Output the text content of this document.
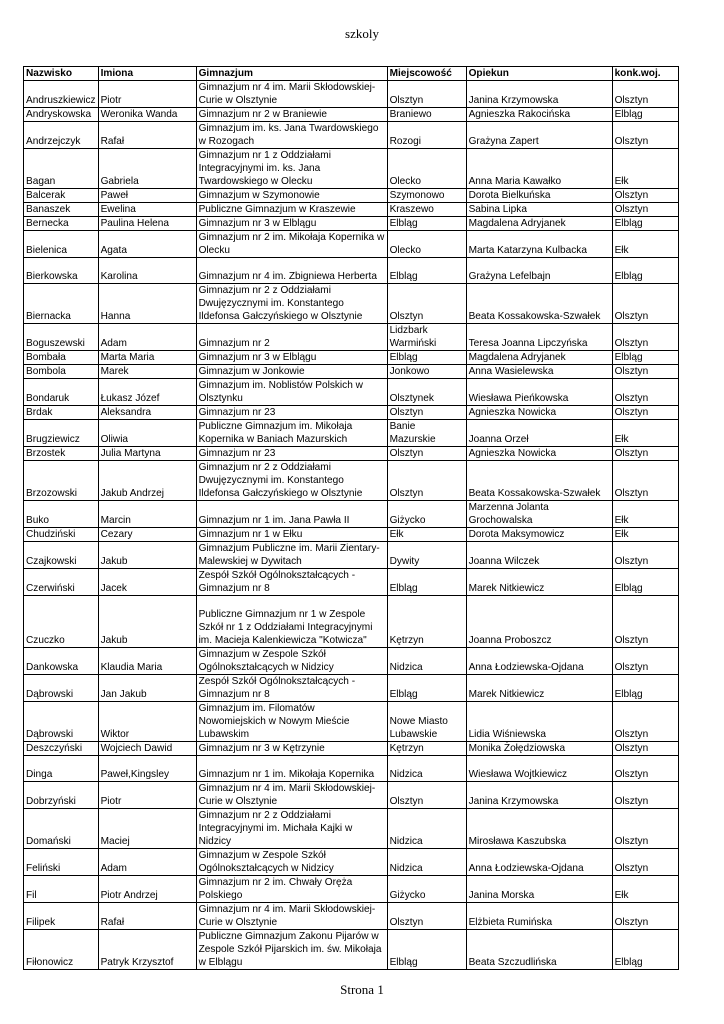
szkoly
Nazwisko	Imiona	Gimnazjum	Miejscowość	Opiekun	konk.woj.
Andruszkiewicz	Piotr	Gimnazjum nr 4 im. Marii Skłodowskiej-Curie w Olsztynie	Olsztyn	Janina Krzymowska	Olsztyn
Andryskowska	Weronika Wanda	Gimnazjum nr 2 w Braniewie	Braniewo	Agnieszka Rakocińska	Elbląg
Andrzejczyk	Rafał	Gimnazjum im. ks. Jana Twardowskiego w Rozogach	Rozogi	Grażyna Zapert	Olsztyn
Bagan	Gabriela	Gimnazjum nr 1 z Oddziałami Integracyjnymi im. ks. Jana Twardowskiego w Olecku	Olecko	Anna Maria Kawałko	Ełk
Balcerak	Paweł	Gimnazjum w Szymonowie	Szymonowo	Dorota Bielkuńska	Olsztyn
Banaszek	Ewelina	Publiczne Gimnazjum w Kraszewie	Kraszewo	Sabina Lipka	Olsztyn
Bernecka	Paulina Helena	Gimnazjum nr 3 w Elblągu	Elbląg	Magdalena Adryjanek	Elbląg
Bielenica	Agata	Gimnazjum nr 2 im. Mikołaja Kopernika w Olecku	Olecko	Marta Katarzyna Kulbacka	Ełk
Bierkowska	Karolina	Gimnazjum nr 4 im. Zbigniewa Herberta	Elbląg	Grażyna Lefelbajn	Elbląg
Biernacka	Hanna	Gimnazjum nr 2 z Oddziałami Dwujęzycznymi im. Konstantego Ildefonsa Gałczyńskiego w Olsztynie	Olsztyn	Beata Kossakowska-Szwałek	Olsztyn
Boguszewski	Adam	Gimnazjum nr 2	Lidzbark Warmiński	Teresa Joanna Lipczyńska	Olsztyn
Bombała	Marta Maria	Gimnazjum nr 3 w Elblągu	Elbląg	Magdalena Adryjanek	Elbląg
Bombola	Marek	Gimnazjum w Jonkowie	Jonkowo	Anna Wasielewska	Olsztyn
Bondaruk	Łukasz Józef	Gimnazjum im. Noblistów Polskich w Olsztynku	Olsztynek	Wiesława Pieńkowska	Olsztyn
Brdak	Aleksandra	Gimnazjum nr 23	Olsztyn	Agnieszka Nowicka	Olsztyn
Brugziewicz	Oliwia	Publiczne Gimnazjum im. Mikołaja Kopernika w Baniach Mazurskich	Banie Mazurskie	Joanna Orzeł	Ełk
Brzostek	Julia Martyna	Gimnazjum nr 23	Olsztyn	Agnieszka Nowicka	Olsztyn
Brzozowski	Jakub Andrzej	Gimnazjum nr 2 z Oddziałami Dwujęzycznymi im. Konstantego Ildefonsa Gałczyńskiego w Olsztynie	Olsztyn	Beata Kossakowska-Szwałek	Olsztyn
Buko	Marcin	Gimnazjum nr 1 im. Jana Pawła II	Giżycko	Marzenna Jolanta Grochowalska	Ełk
Chudziński	Cezary	Gimnazjum nr 1 w Ełku	Ełk	Dorota Maksymowicz	Ełk
Czajkowski	Jakub	Gimnazjum Publiczne im. Marii Zientary-Malewskiej w Dywitach	Dywity	Joanna Wilczek	Olsztyn
Czerwiński	Jacek	Zespół Szkół Ogólnokształcących - Gimnazjum nr 8	Elbląg	Marek Nitkiewicz	Elbląg
Czuczko	Jakub	Publiczne Gimnazjum nr 1 w Zespole Szkół nr 1 z Oddziałami Integracyjnymi im. Macieja Kalenkiewicza "Kotwicza"	Kętrzyn	Joanna Proboszcz	Olsztyn
Dankowska	Klaudia Maria	Gimnazjum w Zespole Szkół Ogólnokształcących w Nidzicy	Nidzica	Anna Łodziewska-Ojdana	Olsztyn
Dąbrowski	Jan Jakub	Zespół Szkół Ogólnokształcących - Gimnazjum nr 8	Elbląg	Marek Nitkiewicz	Elbląg
Dąbrowski	Wiktor	Gimnazjum im. Filomatów Nowomiejskich w Nowym Mieście Lubawskim	Nowe Miasto Lubawskie	Lidia Wiśniewska	Olsztyn
Deszczyński	Wojciech Dawid	Gimnazjum nr 3 w Kętrzynie	Kętrzyn	Monika Żołędziowska	Olsztyn
Dinga	Paweł,Kingsley	Gimnazjum nr 1 im. Mikołaja Kopernika	Nidzica	Wiesława Wojtkiewicz	Olsztyn
Dobrzyński	Piotr	Gimnazjum nr 4 im. Marii Skłodowskiej-Curie w Olsztynie	Olsztyn	Janina Krzymowska	Olsztyn
Domański	Maciej	Gimnazjum nr 2 z Oddziałami Integracyjnymi im. Michała Kajki w Nidzicy	Nidzica	Mirosława Kaszubska	Olsztyn
Feliński	Adam	Gimnazjum w Zespole Szkół Ogólnokształcących w Nidzicy	Nidzica	Anna Łodziewska-Ojdana	Olsztyn
Fil	Piotr Andrzej	Gimnazjum nr 2 im. Chwały Oręża Polskiego	Giżycko	Janina Morska	Ełk
Filipek	Rafał	Gimnazjum nr 4 im. Marii Skłodowskiej-Curie w Olsztynie	Olsztyn	Elżbieta Rumińska	Olsztyn
Fiłonowicz	Patryk Krzysztof	Publiczne Gimnazjum Zakonu Pijarów w Zespole Szkół Pijarskich im. św. Mikołaja w Elblągu	Elbląg	Beata Szczudlińska	Elbląg
Strona 1
